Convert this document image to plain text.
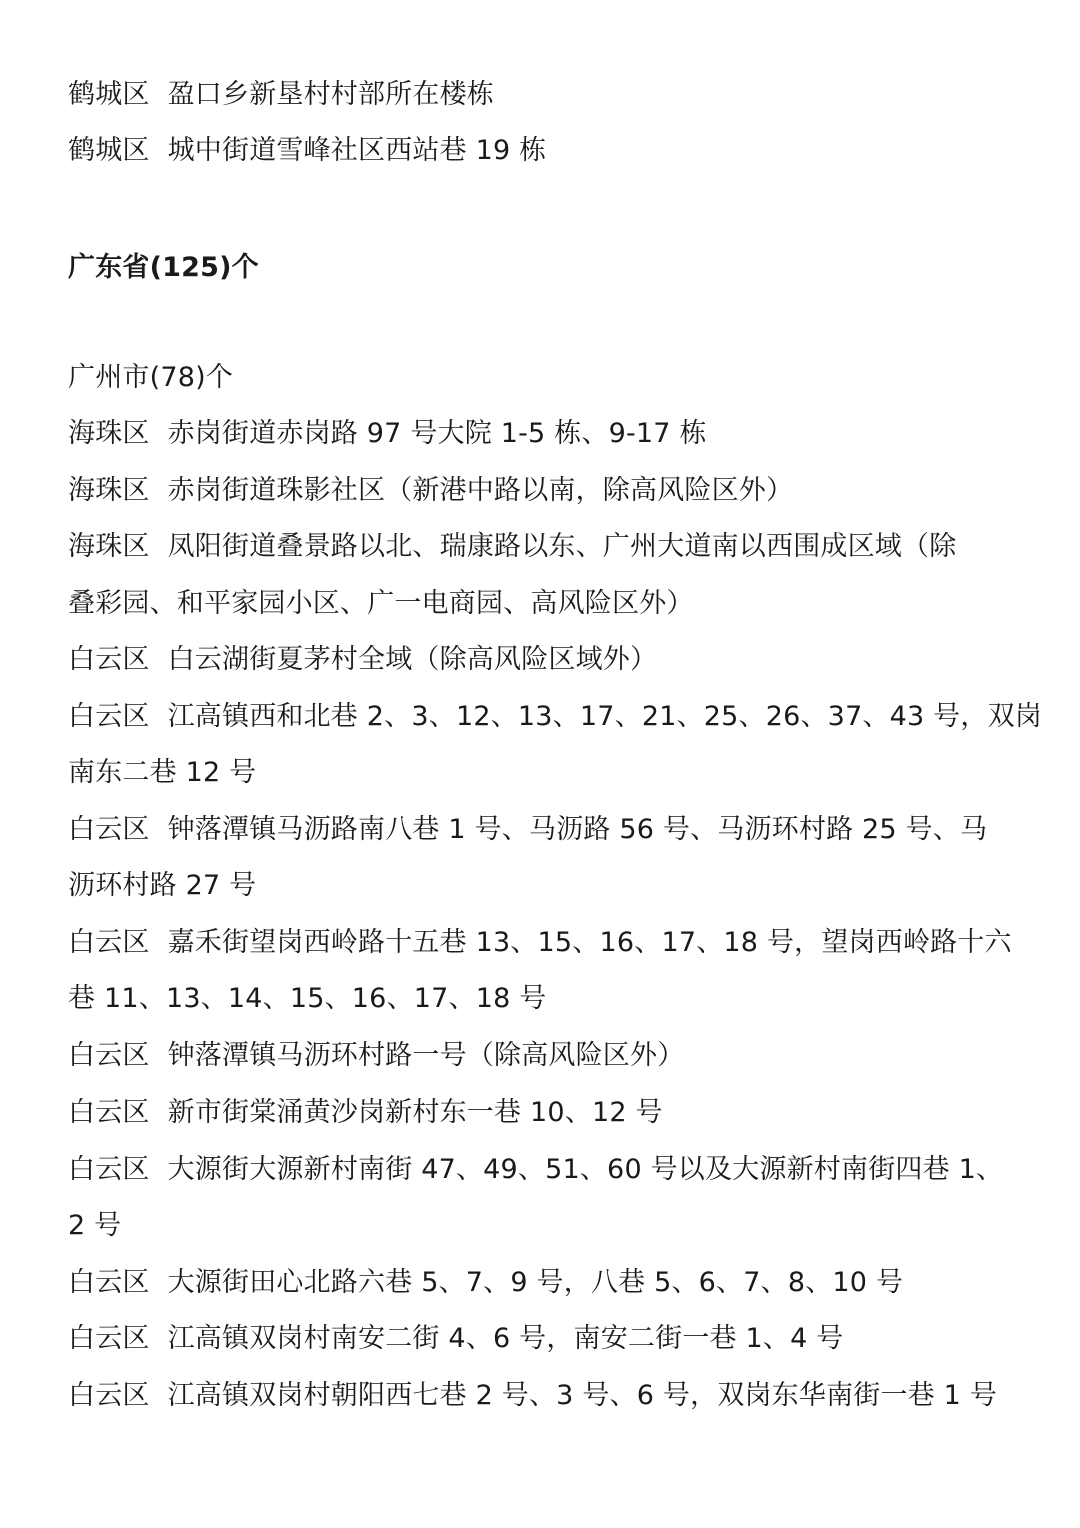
鹤城区 盈口乡新垦村村部所在楼栋
鹤城区 城中街道雪峰社区西站巷 19 栋
广东省(125)个
广州市(78)个
海珠区 赤岗街道赤岗路 97 号大院 1-5 栋、9-17 栋
海珠区 赤岗街道珠影社区（新港中路以南，除高风险区外）
海珠区 凤阳街道叠景路以北、瑞康路以东、广州大道南以西围成区域（除
叠彩园、和平家园小区、广一电商园、高风险区外）
白云区 白云湖街夏茅村全域（除高风险区域外）
白云区 江高镇西和北巷 2、3、12、13、17、21、25、26、37、43 号，双岗
南东二巷 12 号
白云区 钟落潭镇马沥路南八巷 1 号、马沥路 56 号、马沥环村路 25 号、马
沥环村路 27 号
白云区 嘉禾街望岗西岭路十五巷 13、15、16、17、18 号，望岗西岭路十六
巷 11、13、14、15、16、17、18 号
白云区 钟落潭镇马沥环村路一号（除高风险区外）
白云区 新市街棠涌黄沙岗新村东一巷 10、12 号
白云区 大源街大源新村南街 47、49、51、60 号以及大源新村南街四巷 1、
2 号
白云区 大源街田心北路六巷 5、7、9 号，八巷 5、6、7、8、10 号
白云区 江高镇双岗村南安二街 4、6 号，南安二街一巷 1、4 号
白云区 江高镇双岗村朝阳西七巷 2 号、3 号、6 号，双岗东华南街一巷 1 号
